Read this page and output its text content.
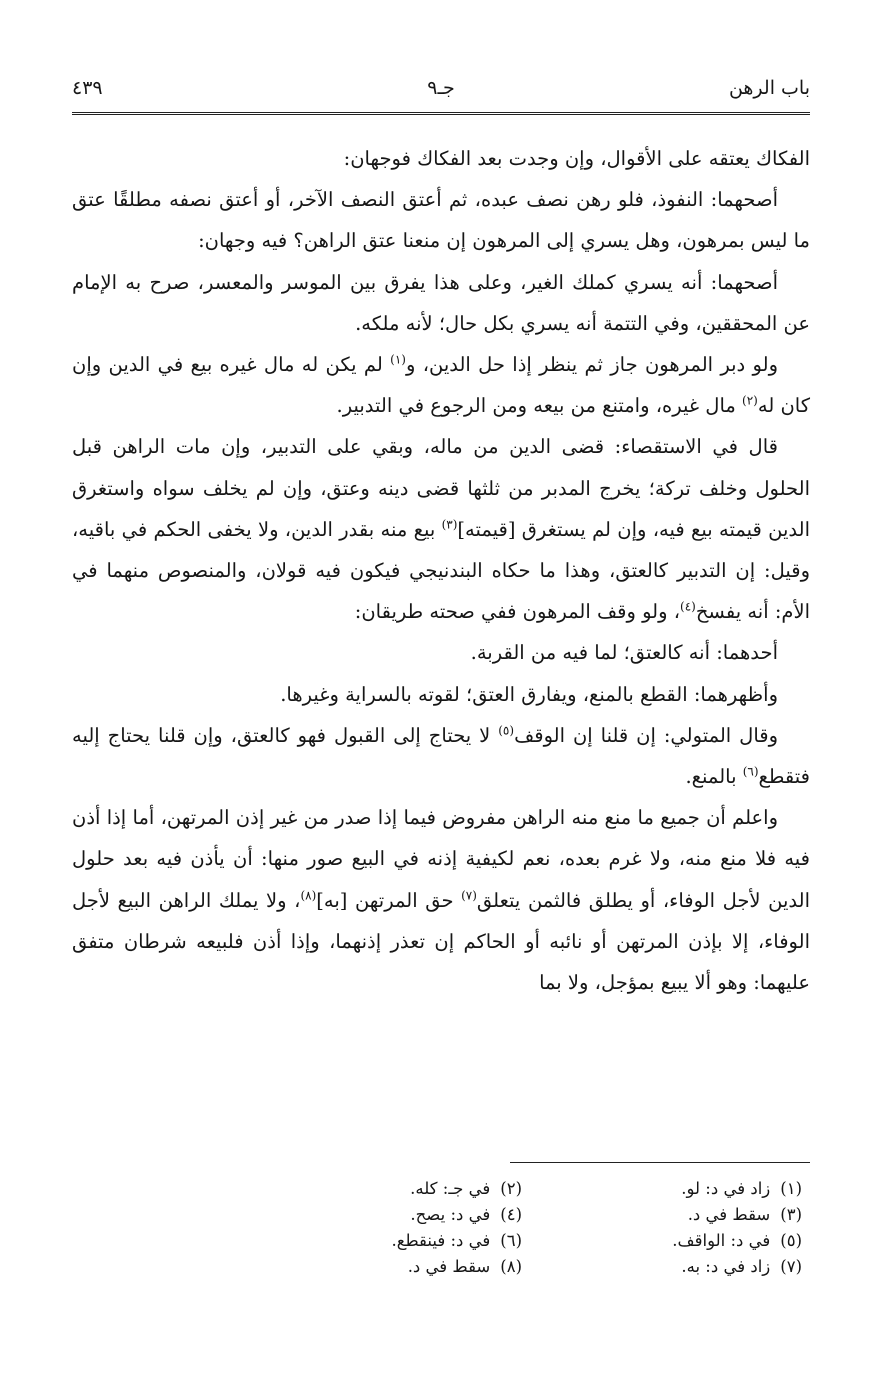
باب الرهن
جـ٩
٤٣٩

الفكاك يعتقه على الأقوال، وإن وجدت بعد الفكاك فوجهان:

أصحهما: النفوذ، فلو رهن نصف عبده، ثم أعتق النصف الآخر، أو أعتق نصفه مطلقًا عتق ما ليس بمرهون، وهل يسري إلى المرهون إن منعنا عتق الراهن؟ فيه وجهان:

أصحهما: أنه يسري كملك الغير، وعلى هذا يفرق بين الموسر والمعسر، صرح به الإمام عن المحققين، وفي التتمة أنه يسري بكل حال؛ لأنه ملكه.

ولو دبر المرهون جاز ثم ينظر إذا حل الدين، و$^{(١)}$ لم يكن له مال غيره بيع في الدين وإن كان له$^{(٢)}$ مال غيره، وامتنع من بيعه ومن الرجوع في التدبير.

قال في الاستقصاء: قضى الدين من ماله، وبقي على التدبير، وإن مات الراهن قبل الحلول وخلف تركة؛ يخرج المدبر من ثلثها قضى دينه وعتق، وإن لم يخلف سواه واستغرق الدين قيمته بيع فيه، وإن لم يستغرق [قيمته]$^{(٣)}$ بيع منه بقدر الدين، ولا يخفى الحكم في باقيه، وقيل: إن التدبير كالعتق، وهذا ما حكاه البندنيجي فيكون فيه قولان، والمنصوص منهما في الأم: أنه يفسخ$^{(٤)}$، ولو وقف المرهون ففي صحته طريقان:

أحدهما: أنه كالعتق؛ لما فيه من القربة.

وأظهرهما: القطع بالمنع، ويفارق العتق؛ لقوته بالسراية وغيرها.

وقال المتولي: إن قلنا إن الوقف$^{(٥)}$ لا يحتاج إلى القبول فهو كالعتق، وإن قلنا يحتاج إليه فتقطع$^{(٦)}$ بالمنع.

واعلم أن جميع ما منع منه الراهن مفروض فيما إذا صدر من غير إذن المرتهن، أما إذا أذن فيه فلا منع منه، ولا غرم بعده، نعم لكيفية إذنه في البيع صور منها: أن يأذن فيه بعد حلول الدين لأجل الوفاء، أو يطلق فالثمن يتعلق$^{(٧)}$ حق المرتهن [به]$^{(٨)}$، ولا يملك الراهن البيع لأجل الوفاء، إلا بإذن المرتهن أو نائبه أو الحاكم إن تعذر إذنهما، وإذا أذن فلبيعه شرطان متفق عليهما: وهو ألا يبيع بمؤجل، ولا بما

(١)زاد في د: لو.
(٢)في جـ: كله.
(٣)سقط في د.
(٤)في د: يصح.
(٥)في د: الواقف.
(٦)في د: فينقطع.
(٧)زاد في د: به.
(٨)سقط في د.
